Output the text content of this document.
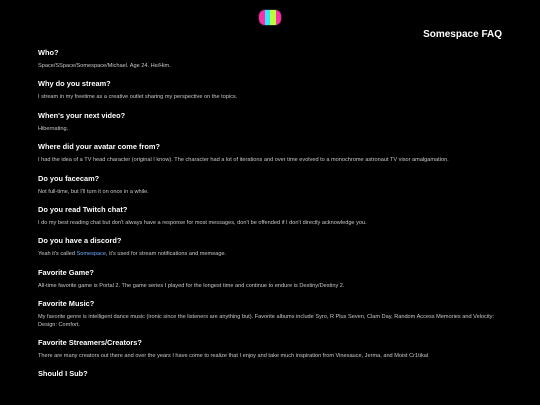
Somespace FAQ

Who?

Space/SSpace/Somespace/Michael. Age 24. He/Him.

Why do you stream?

I stream in my freetime as a creative outlet sharing my perspective on the topics.

When's your next video?

Hibernating.

Where did your avatar come from?

I had the idea of a TV head character (original I know). The character had a lot of iterations and over time evolved to a monochrome astronaut TV visor amalgamation.

Do you facecam?

Not full-time, but I'll turn it on once in a while.

Do you read Twitch chat?

I do my best reading chat but don't always have a response for most messages, don't be offended if I don't directly acknowledge you.

Do you have a discord?

Yeah it's called Somespace, it's used for stream notifications and memeage.

Favorite Game?

All-time favorite game is Portal 2. The game series I played for the longest time and continue to endure is Destiny/Destiny 2.

Favorite Music?

My favorite genre is intelligent dance music (ironic since the listeners are anything but). Favorite albums include Syro, R Plus Seven, Clam Day, Random Access Memories and Velocity: Design: Comfort.

Favorite Streamers/Creators?

There are many creators out there and over the years I have come to realize that I enjoy and take much inspiration from Vinesauce, Jerma, and Moist Cr1tikal

Should I Sub?
